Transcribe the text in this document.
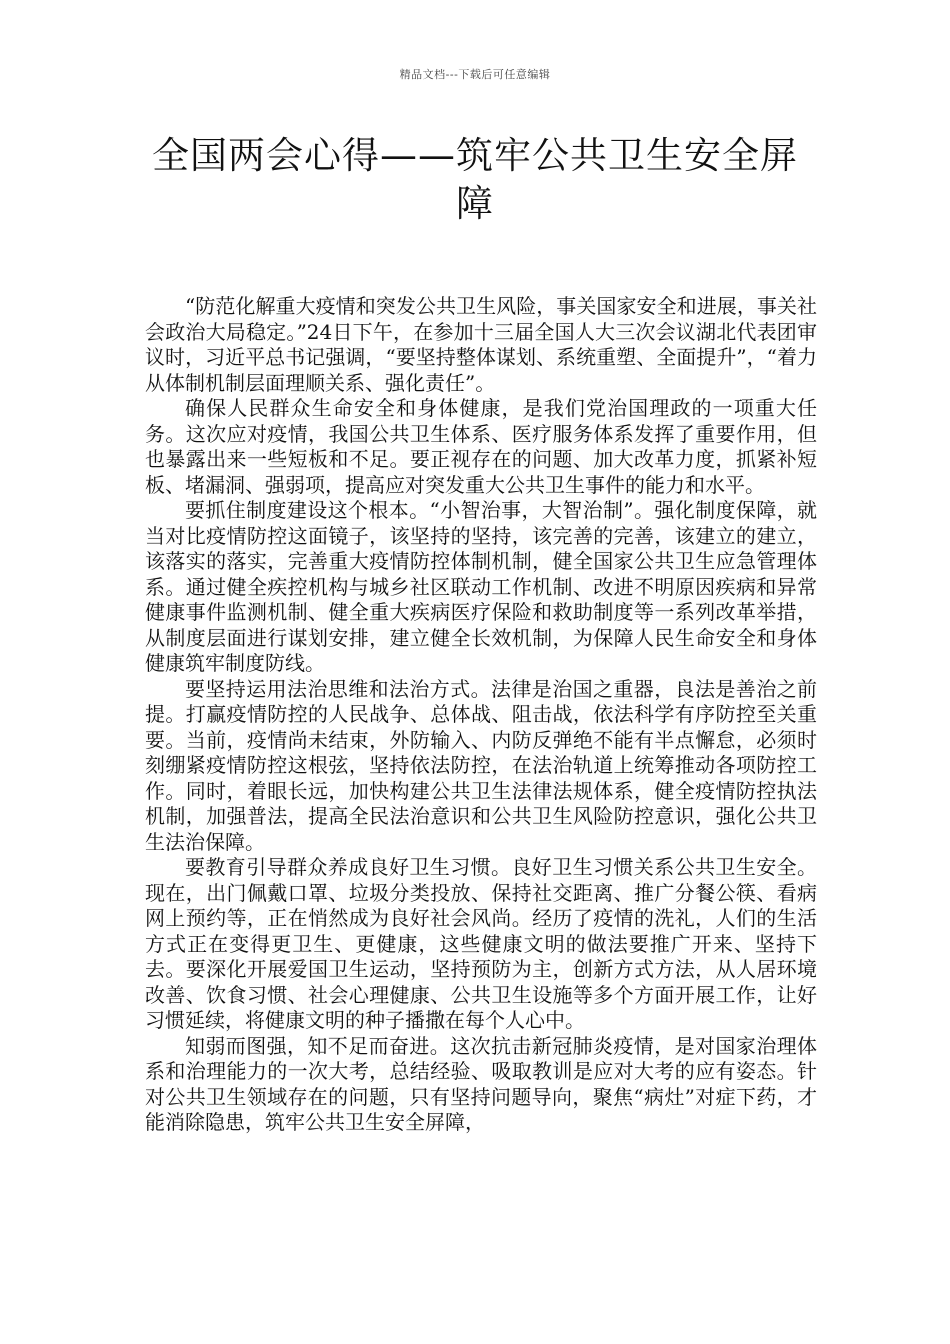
精品文档---下载后可任意编辑
全国两会心得——筑牢公共卫生安全屏障

“防范化解重大疫情和突发公共卫生风险，事关国家安全和进展，事关社会政治大局稳定。”24日下午，在参加十三届全国人大三次会议湖北代表团审议时，习近平总书记强调，“要坚持整体谋划、系统重塑、全面提升”，“着力从体制机制层面理顺关系、强化责任”。

确保人民群众生命安全和身体健康，是我们党治国理政的一项重大任务。这次应对疫情，我国公共卫生体系、医疗服务体系发挥了重要作用，但也暴露出来一些短板和不足。要正视存在的问题、加大改革力度，抓紧补短板、堵漏洞、强弱项，提高应对突发重大公共卫生事件的能力和水平。

要抓住制度建设这个根本。“小智治事，大智治制”。强化制度保障，就当对比疫情防控这面镜子，该坚持的坚持，该完善的完善，该建立的建立，该落实的落实，完善重大疫情防控体制机制，健全国家公共卫生应急管理体系。通过健全疾控机构与城乡社区联动工作机制、改进不明原因疾病和异常健康事件监测机制、健全重大疾病医疗保险和救助制度等一系列改革举措，从制度层面进行谋划安排，建立健全长效机制，为保障人民生命安全和身体健康筑牢制度防线。

要坚持运用法治思维和法治方式。法律是治国之重器，良法是善治之前提。打赢疫情防控的人民战争、总体战、阻击战，依法科学有序防控至关重要。当前，疫情尚未结束，外防输入、内防反弹绝不能有半点懈怠，必须时刻绷紧疫情防控这根弦，坚持依法防控，在法治轨道上统筹推动各项防控工作。同时，着眼长远，加快构建公共卫生法律法规体系，健全疫情防控执法机制，加强普法，提高全民法治意识和公共卫生风险防控意识，强化公共卫生法治保障。

要教育引导群众养成良好卫生习惯。良好卫生习惯关系公共卫生安全。现在，出门佩戴口罩、垃圾分类投放、保持社交距离、推广分餐公筷、看病网上预约等，正在悄然成为良好社会风尚。经历了疫情的洗礼，人们的生活方式正在变得更卫生、更健康，这些健康文明的做法要推广开来、坚持下去。要深化开展爱国卫生运动，坚持预防为主，创新方式方法，从人居环境改善、饮食习惯、社会心理健康、公共卫生设施等多个方面开展工作，让好习惯延续，将健康文明的种子播撒在每个人心中。

知弱而图强，知不足而奋进。这次抗击新冠肺炎疫情，是对国家治理体系和治理能力的一次大考，总结经验、吸取教训是应对大考的应有姿态。针对公共卫生领域存在的问题，只有坚持问题导向，聚焦“病灶”对症下药，才能消除隐患，筑牢公共卫生安全屏障，
